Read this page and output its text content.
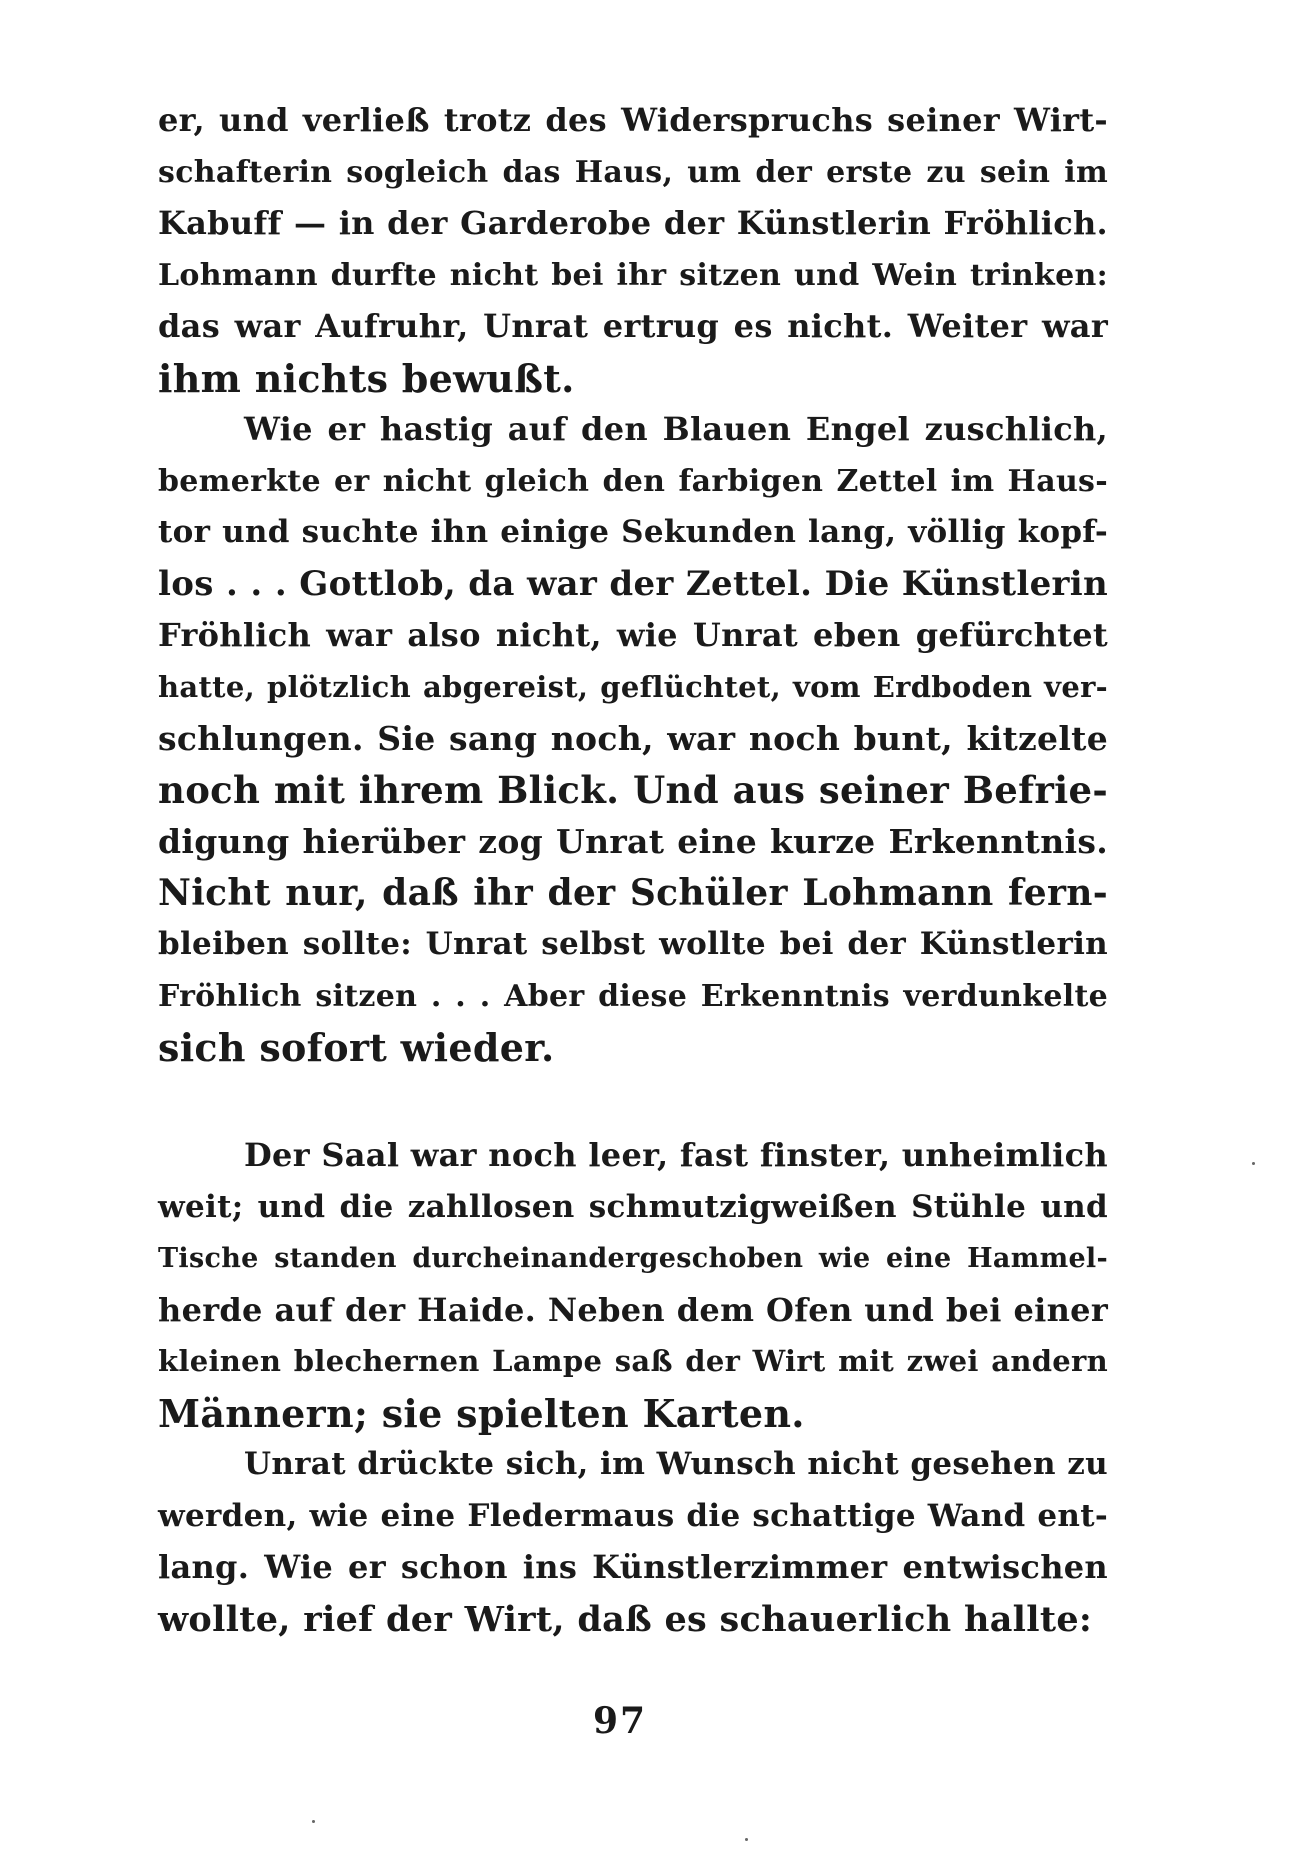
er, und verließ trotz des Widerspruchs seiner Wirt-
schafterin sogleich das Haus, um der erste zu sein im
Kabuff — in der Garderobe der Künstlerin Fröhlich.
Lohmann durfte nicht bei ihr sitzen und Wein trinken:
das war Aufruhr, Unrat ertrug es nicht. Weiter war
ihm nichts bewußt.

Wie er hastig auf den Blauen Engel zuschlich,
bemerkte er nicht gleich den farbigen Zettel im Haus-
tor und suchte ihn einige Sekunden lang, völlig kopf-
los . . . Gottlob, da war der Zettel. Die Künstlerin
Fröhlich war also nicht, wie Unrat eben gefürchtet
hatte, plötzlich abgereist, geflüchtet, vom Erdboden ver-
schlungen. Sie sang noch, war noch bunt, kitzelte
noch mit ihrem Blick. Und aus seiner Befrie-
digung hierüber zog Unrat eine kurze Erkenntnis.
Nicht nur, daß ihr der Schüler Lohmann fern-
bleiben sollte: Unrat selbst wollte bei der Künstlerin
Fröhlich sitzen . . . Aber diese Erkenntnis verdunkelte
sich sofort wieder.

Der Saal war noch leer, fast finster, unheimlich
weit; und die zahllosen schmutzigweißen Stühle und
Tische standen durcheinandergeschoben wie eine Hammel-
herde auf der Haide. Neben dem Ofen und bei einer
kleinen blechernen Lampe saß der Wirt mit zwei andern
Männern; sie spielten Karten.

Unrat drückte sich, im Wunsch nicht gesehen zu
werden, wie eine Fledermaus die schattige Wand ent-
lang. Wie er schon ins Künstlerzimmer entwischen
wollte, rief der Wirt, daß es schauerlich hallte:

97
